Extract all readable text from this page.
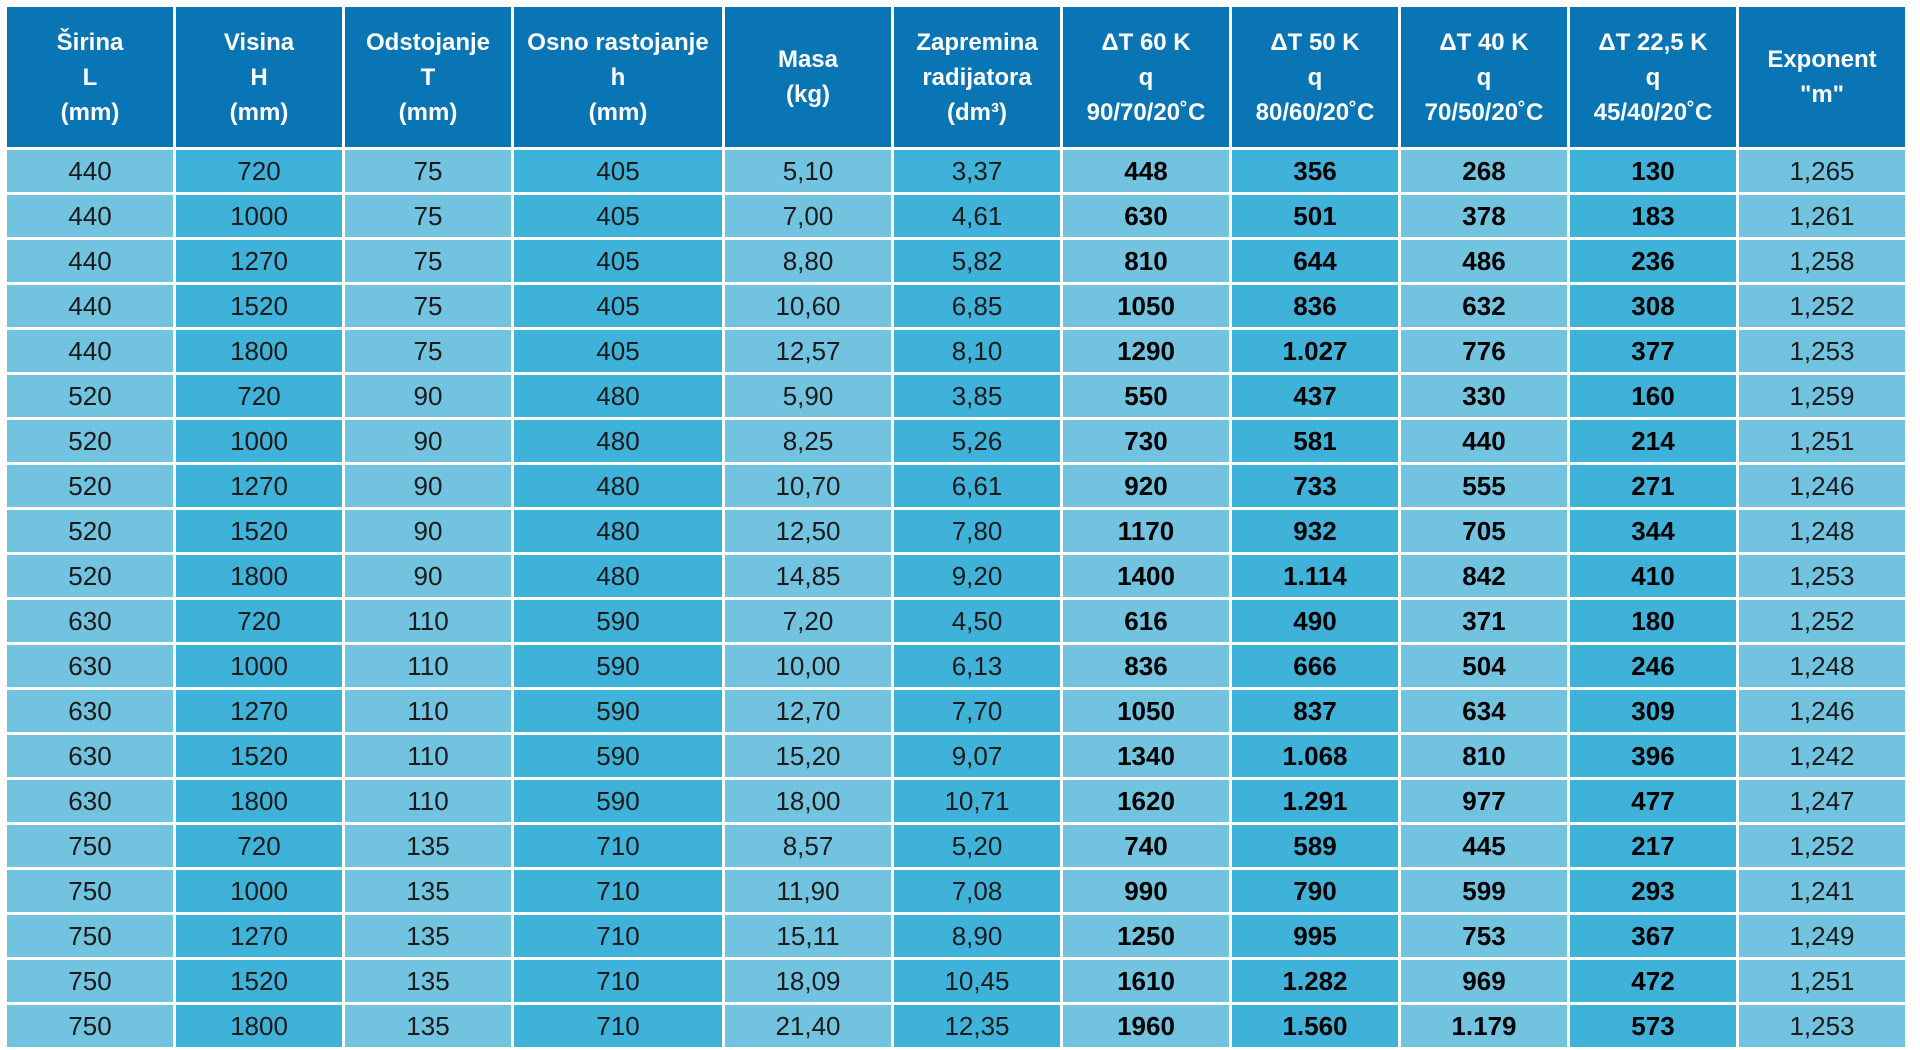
Širina
L
(mm)	Visina
H
(mm)	Odstojanje
T
(mm)	Osno rastojanje
h
(mm)	Masa
(kg)	Zapremina
radijatora
(dm³)	ΔT 60 K
q
90/70/20˚C	ΔT 50 K
q
80/60/20˚C	ΔT 40 K
q
70/50/20˚C	ΔT 22,5 K
q
45/40/20˚C	Exponent
"m"

440	720	75	405	5,10	3,37	448	356	268	130	1,265
440	1000	75	405	7,00	4,61	630	501	378	183	1,261
440	1270	75	405	8,80	5,82	810	644	486	236	1,258
440	1520	75	405	10,60	6,85	1050	836	632	308	1,252
440	1800	75	405	12,57	8,10	1290	1.027	776	377	1,253
520	720	90	480	5,90	3,85	550	437	330	160	1,259
520	1000	90	480	8,25	5,26	730	581	440	214	1,251
520	1270	90	480	10,70	6,61	920	733	555	271	1,246
520	1520	90	480	12,50	7,80	1170	932	705	344	1,248
520	1800	90	480	14,85	9,20	1400	1.114	842	410	1,253
630	720	110	590	7,20	4,50	616	490	371	180	1,252
630	1000	110	590	10,00	6,13	836	666	504	246	1,248
630	1270	110	590	12,70	7,70	1050	837	634	309	1,246
630	1520	110	590	15,20	9,07	1340	1.068	810	396	1,242
630	1800	110	590	18,00	10,71	1620	1.291	977	477	1,247
750	720	135	710	8,57	5,20	740	589	445	217	1,252
750	1000	135	710	11,90	7,08	990	790	599	293	1,241
750	1270	135	710	15,11	8,90	1250	995	753	367	1,249
750	1520	135	710	18,09	10,45	1610	1.282	969	472	1,251
750	1800	135	710	21,40	12,35	1960	1.560	1.179	573	1,253
